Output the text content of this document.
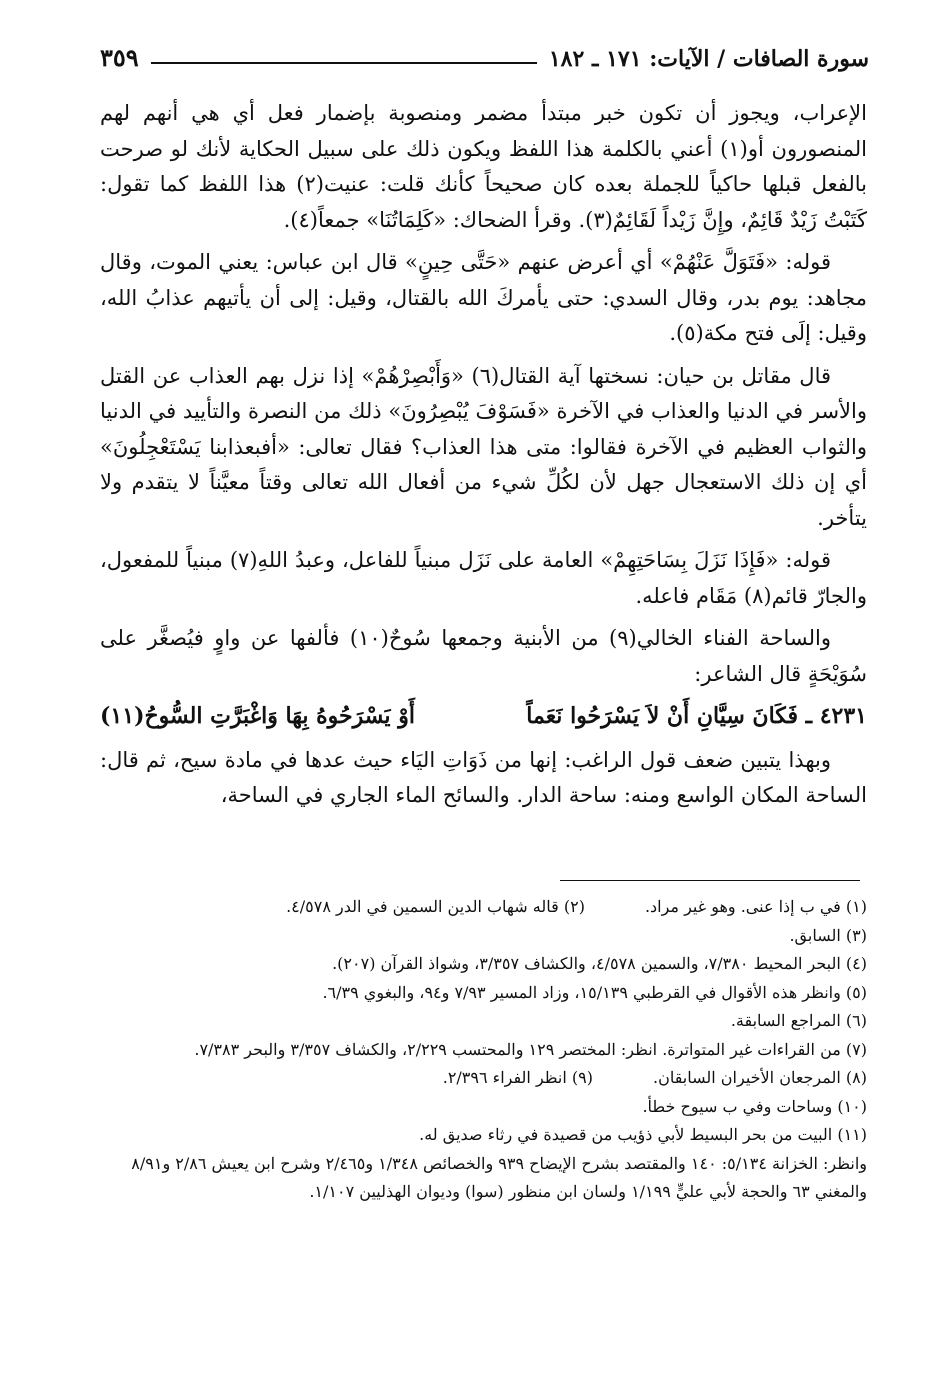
سورة الصافات / الآيات: ١٧١ ـ ١٨٢
٣٥٩

الإعراب، ويجوز أن تكون خبر مبتدأ مضمر ومنصوبة بإضمار فعل أي هي أنهم لهم المنصورون أو(١) أعني بالكلمة هذا اللفظ ويكون ذلك على سبيل الحكاية لأنك لو صرحت بالفعل قبلها حاكياً للجملة بعده كان صحيحاً كأنك قلت: عنيت(٢) هذا اللفظ كما تقول: كَتَبْتُ زَيْدٌ قَائِمٌ، وإِنَّ زَيْداً لَقَائِمٌ(٣). وقرأ الضحاك: «كَلِمَاتُنَا» جمعاً(٤).

قوله: «فَتَوَلَّ عَنْهُمْ» أي أعرض عنهم «حَتَّى حِينٍ» قال ابن عباس: يعني الموت، وقال مجاهد: يوم بدر، وقال السدي: حتى يأمركَ الله بالقتال، وقيل: إلى أن يأتيهم عذابُ الله، وقيل: إلَى فتح مكة(٥).

قال مقاتل بن حيان: نسختها آية القتال(٦) «وَأَبْصِرْهُمْ» إذا نزل بهم العذاب عن القتل والأسر في الدنيا والعذاب في الآخرة «فَسَوْفَ يُبْصِرُونَ» ذلك من النصرة والتأييد في الدنيا والثواب العظيم في الآخرة فقالوا: متى هذا العذاب؟ فقال تعالى: «أفبعذابنا يَسْتَعْجِلُونَ» أي إن ذلك الاستعجال جهل لأن لكُلِّ شيء من أفعال الله تعالى وقتاً معيَّناً لا يتقدم ولا يتأخر.

قوله: «فَإِذَا نَزَلَ بِسَاحَتِهِمْ» العامة على نَزَل مبنياً للفاعل، وعبدُ اللهِ(٧) مبنياً للمفعول، والجارّ قائم(٨) مَقَام فاعله.

والساحة الفناء الخالي(٩) من الأبنية وجمعها سُوحٌ(١٠) فألفها عن واوٍ فيُصغَّر على سُوَيْحَةٍ قال الشاعر:

٤٢٣١ ـ فَكَانَ سِيَّانِ أَنْ لاَ يَسْرَحُوا نَعَماً
أَوْ يَسْرَحُوهُ بِهَا وَاغْبَرَّتِ السُّوحُ(١١)

وبهذا يتبين ضعف قول الراغب: إنها من ذَوَاتِ اليَاء حيث عدها في مادة سيح، ثم قال: الساحة المكان الواسع ومنه: ساحة الدار. والسائح الماء الجاري في الساحة،

(١) في ب إذا عنى. وهو غير مراد.
(٢) قاله شهاب الدين السمين في الدر ٤/٥٧٨.
(٣) السابق.
(٤) البحر المحيط ٧/٣٨٠، والسمين ٤/٥٧٨، والكشاف ٣/٣٥٧، وشواذ القرآن (٢٠٧).
(٥) وانظر هذه الأقوال في القرطبي ١٥/١٣٩، وزاد المسير ٧/٩٣ و٩٤، والبغوي ٦/٣٩.
(٦) المراجع السابقة.
(٧) من القراءات غير المتواترة. انظر: المختصر ١٢٩ والمحتسب ٢/٢٢٩، والكشاف ٣/٣٥٧ والبحر ٧/٣٨٣.
(٨) المرجعان الأخيران السابقان.
(٩) انظر الفراء ٢/٣٩٦.
(١٠) وساحات وفي ب سيوح خطأ.
(١١) البيت من بحر البسيط لأبي ذؤيب من قصيدة في رثاء صديق له.
وانظر: الخزانة ٥/١٣٤: ١٤٠ والمقتصد بشرح الإيضاح ٩٣٩ والخصائص ١/٣٤٨ و٢/٤٦٥ وشرح ابن يعيش ٢/٨٦ و٨/٩١ والمغني ٦٣ والحجة لأبي عليٍّ ١/١٩٩ ولسان ابن منظور (سوا) وديوان الهذليين ١/١٠٧.
